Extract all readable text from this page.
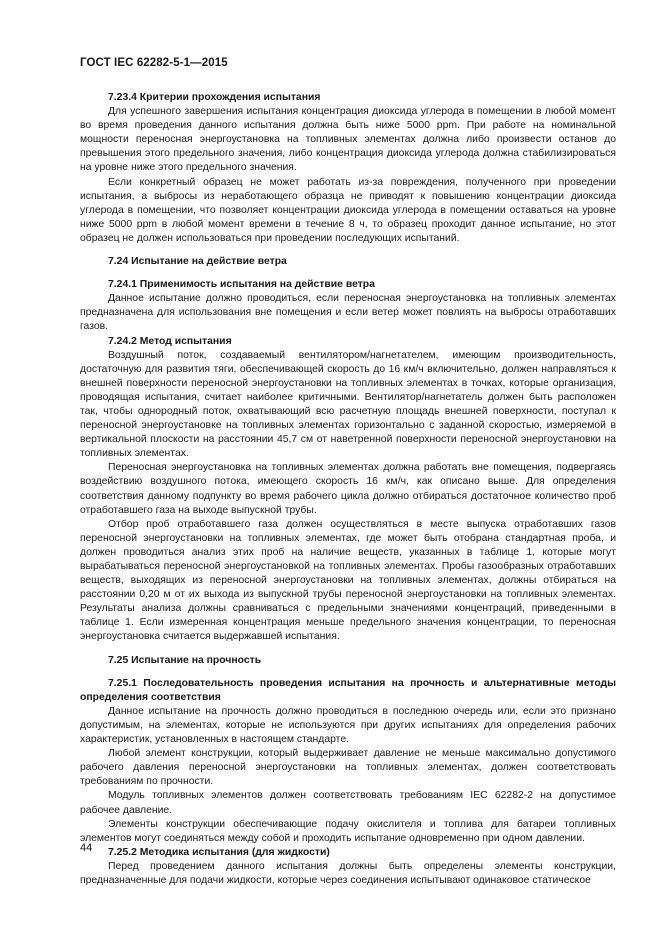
ГОСТ IEC 62282-5-1—2015

7.23.4 Критерии прохождения испытания

Для успешного завершения испытания концентрация диоксида углерода в помещении в любой момент во время проведения данного испытания должна быть ниже 5000 ppm. При работе на номинальной мощности переносная энергоустановка на топливных элементах должна либо произвести останов до превышения этого предельного значения, либо концентрация диоксида углерода должна стабилизироваться на уровне ниже этого предельного значения.

Если конкретный образец не может работать из-за повреждения, полученного при проведении испытания, а выбросы из неработающего образца не приводят к повышению концентрации диоксида углерода в помещении, что позволяет концентрации диоксида углерода в помещении оставаться на уровне ниже 5000 ppm в любой момент времени в течение 8 ч, то образец проходит данное испытание, но этот образец не должен использоваться при проведении последующих испытаний.

7.24 Испытание на действие ветра

7.24.1 Применимость испытания на действие ветра

Данное испытание должно проводиться, если переносная энергоустановка на топливных элементах предназначена для использования вне помещения и если ветер может повлиять на выбросы отработавших газов.

7.24.2 Метод испытания

Воздушный поток, создаваемый вентилятором/нагнетателем, имеющим производительность, достаточную для развития тяги, обеспечивающей скорость до 16 км/ч включительно, должен направляться к внешней поверхности переносной энергоустановки на топливных элементах в точках, которые организация, проводящая испытания, считает наиболее критичными. Вентилятор/нагнетатель должен быть расположен так, чтобы однородный поток, охватывающий всю расчетную площадь внешней поверхности, поступал к переносной энергоустановке на топливных элементах горизонтально с заданной скоростью, измеряемой в вертикальной плоскости на расстоянии 45,7 см от наветренной поверхности переносной энергоустановки на топливных элементах.

Переносная энергоустановка на топливных элементах должна работать вне помещения, подвергаясь воздействию воздушного потока, имеющего скорость 16 км/ч, как описано выше. Для определения соответствия данному подпункту во время рабочего цикла должно отбираться достаточное количество проб отработавшего газа на выходе выпускной трубы.

Отбор проб отработавшего газа должен осуществляться в месте выпуска отработавших газов переносной энергоустановки на топливных элементах, где может быть отобрана стандартная проба, и должен проводиться анализ этих проб на наличие веществ, указанных в таблице 1, которые могут вырабатываться переносной энергоустановкой на топливных элементах. Пробы газообразных отработавших веществ, выходящих из переносной энергоустановки на топливных элементах, должны отбираться на расстоянии 0,20 м от их выхода из выпускной трубы переносной энергоустановки на топливных элементах. Результаты анализа должны сравниваться с предельными значениями концентраций, приведенными в таблице 1. Если измеренная концентрация меньше предельного значения концентрации, то переносная энергоустановка считается выдержавшей испытания.

7.25 Испытание на прочность

7.25.1 Последовательность проведения испытания на прочность и альтернативные методы определения соответствия

Данное испытание на прочность должно проводиться в последнюю очередь или, если это признано допустимым, на элементах, которые не используются при других испытаниях для определения рабочих характеристик, установленных в настоящем стандарте.

Любой элемент конструкции, который выдерживает давление не меньше максимально допустимого рабочего давления переносной энергоустановки на топливных элементах, должен соответствовать требованиям по прочности.

Модуль топливных элементов должен соответствовать требованиям IEC 62282-2 на допустимое рабочее давление.

Элементы конструкции обеспечивающие подачу окислителя и топлива для батареи топливных элементов могут соединяться между собой и проходить испытание одновременно при одном давлении.

7.25.2 Методика испытания (для жидкости)

Перед проведением данного испытания должны быть определены элементы конструкции, предназначенные для подачи жидкости, которые через соединения испытывают одинаковое статическое

44
